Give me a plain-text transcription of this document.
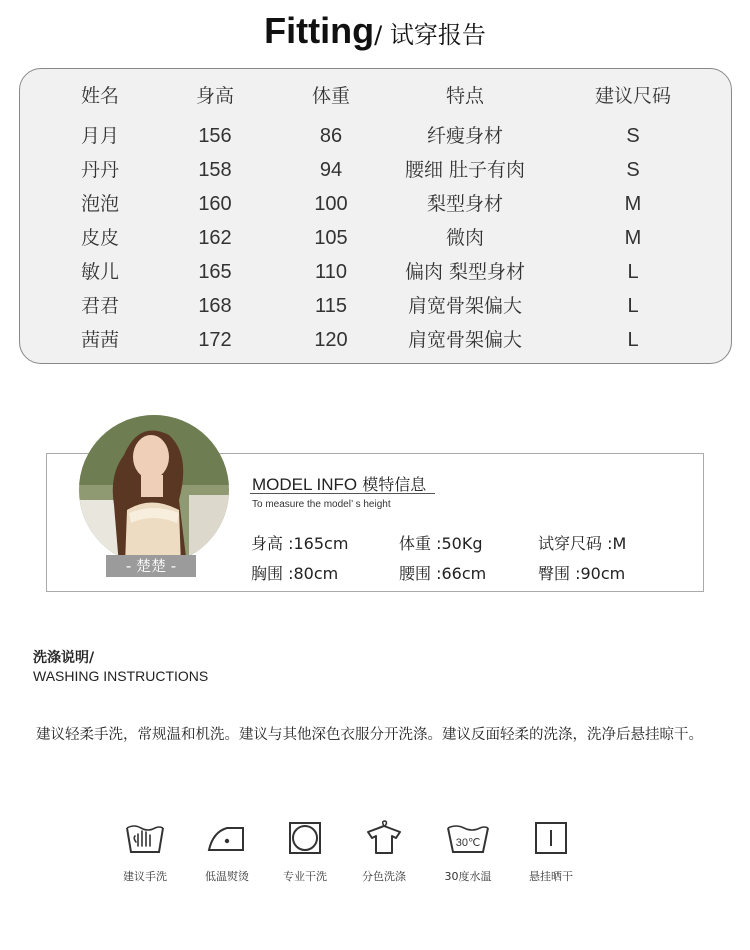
Fitting/ 试穿报告
姓名	身高	体重	特点	建议尺码
月月	156	86	纤瘦身材	S
丹丹	158	94	腰细 肚子有肉	S
泡泡	160	100	梨型身材	M
皮皮	162	105	微肉	M
敏儿	165	110	偏肉 梨型身材	L
君君	168	115	肩宽骨架偏大	L
茜茜	172	120	肩宽骨架偏大	L
- 楚楚 -
MODEL INFO 模特信息
To measure the model’ s height
身高 :165cm	体重 :50Kg	试穿尺码 :M
胸围 :80cm	腰围 :66cm	臀围 :90cm
洗涤说明/
WASHING INSTRUCTIONS
建议轻柔手洗，常规温和机洗。建议与其他深色衣服分开洗涤。建议反面轻柔的洗涤，洗净后悬挂晾干。
建议手洗	低温熨烫	专业干洗	分色洗涤
30℃
30度水温	悬挂晒干
